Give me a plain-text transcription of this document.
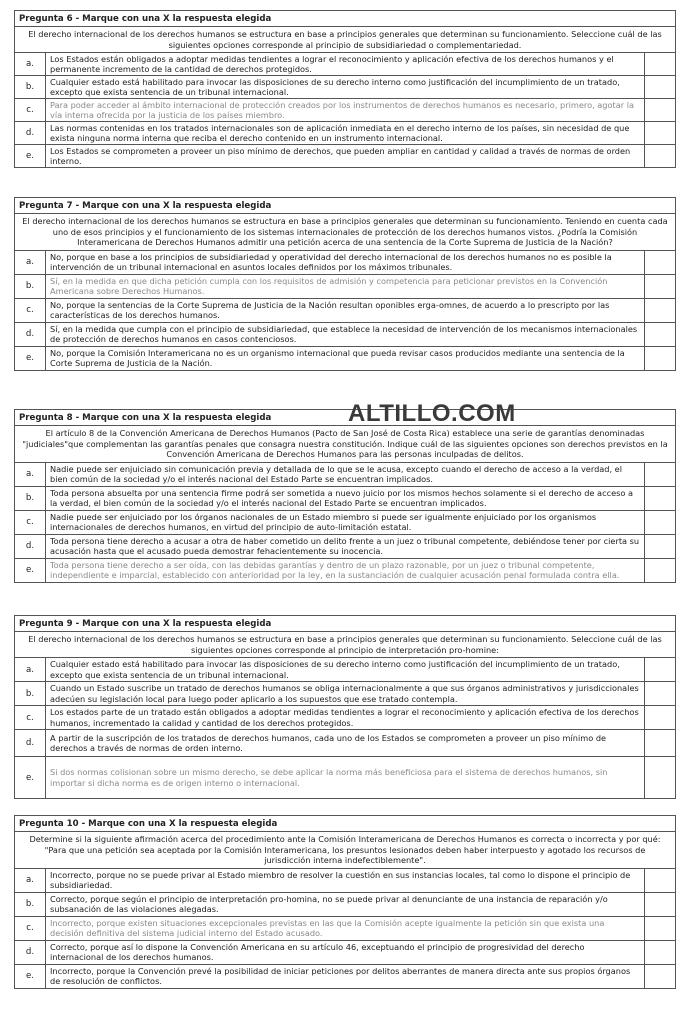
ALTILLO.COM
Pregunta 6 - Marque con una X la respuesta elegida
El derecho internacional de los derechos humanos se estructura en base a principios generales que determinan su funcionamiento. Seleccione cuál de las siguientes opciones corresponde al principio de subsidiariedad o complementariedad.
a.
Los Estados están obligados a adoptar medidas tendientes a lograr el reconocimiento y aplicación efectiva de los derechos humanos y el permanente incremento de la cantidad de derechos protegidos.
b.
Cualquier estado está habilitado para invocar las disposiciones de su derecho interno como justificación del incumplimiento de un tratado, excepto que exista sentencia de un tribunal internacional.
c.
Para poder acceder al ámbito internacional de protección creados por los instrumentos de derechos humanos es necesario, primero, agotar la vía interna ofrecida por la justicia de los países miembro.
d.
Las normas contenidas en los tratados internacionales son de aplicación inmediata en el derecho interno de los países, sin necesidad de que exista ninguna norma interna que reciba el derecho contenido en un instrumento internacional.
e.
Los Estados se comprometen a proveer un piso mínimo de derechos, que pueden ampliar en cantidad y calidad a través de normas de orden interno.
Pregunta 7 - Marque con una X la respuesta elegida
El derecho internacional de los derechos humanos se estructura en base a principios generales que determinan su funcionamiento. Teniendo en cuenta cada uno de esos principios y el funcionamiento de los sistemas internacionales de protección de los derechos humanos vistos. ¿Podría la Comisión Interamericana de Derechos Humanos admitir una petición acerca de una sentencia de la Corte Suprema de Justicia de la Nación?
a.
No, porque en base a los principios de subsidiariedad y operatividad del derecho internacional de los derechos humanos no es posible la intervención de un tribunal internacional en asuntos locales definidos por los máximos tribunales.
b.
Sí, en la medida en que dicha petición cumpla con los requisitos de admisión y competencia para peticionar previstos en la Convención Americana sobre Derechos Humanos.
c.
No, porque la sentencias de la Corte Suprema de Justicia de la Nación resultan oponibles erga-omnes, de acuerdo a lo prescripto por las características de los derechos humanos.
d.
Sí, en la medida que cumpla con el principio de subsidiariedad, que establece la necesidad de intervención de los mecanismos internacionales de protección de derechos humanos en casos contenciosos.
e.
No, porque la Comisión Interamericana no es un organismo internacional que pueda revisar casos producidos mediante una sentencia de la Corte Suprema de Justicia de la Nación.
Pregunta 8 - Marque con una X la respuesta elegida
El artículo 8 de la Convención Americana de Derechos Humanos (Pacto de San José de Costa Rica) establece una serie de garantías denominadas "judiciales"que complementan las garantías penales que consagra nuestra constitución. Indique cuál de las siguientes opciones son derechos previstos en la Convención Americana de Derechos Humanos para las personas inculpadas de delitos.
a.
Nadie puede ser enjuiciado sin comunicación previa y detallada de lo que se le acusa, excepto cuando el derecho de acceso a la verdad, el bien común de la sociedad y/o el interés nacional del Estado Parte se encuentran implicados.
b.
Toda persona absuelta por una sentencia firme podrá ser sometida a nuevo juicio por los mismos hechos solamente si el derecho de acceso a la verdad, el bien común de la sociedad y/o el interés nacional del Estado Parte se encuentran implicados.
c.
Nadie puede ser enjuiciado por los órganos nacionales de un Estado miembro si puede ser igualmente enjuiciado por los organismos internacionales de derechos humanos, en virtud del principio de auto-limitación estatal.
d.
Toda persona tiene derecho a acusar a otra de haber cometido un delito frente a un juez o tribunal competente, debiéndose tener por cierta su acusación hasta que el acusado pueda demostrar fehacientemente su inocencia.
e.
Toda persona tiene derecho a ser oída, con las debidas garantías y dentro de un plazo razonable, por un juez o tribunal competente, independiente e imparcial, establecido con anterioridad por la ley, en la sustanciación de cualquier acusación penal formulada contra ella.
Pregunta 9 - Marque con una X la respuesta elegida
El derecho internacional de los derechos humanos se estructura en base a principios generales que determinan su funcionamiento. Seleccione cuál de las siguientes opciones corresponde al principio de interpretación pro-homine:
a.
Cualquier estado está habilitado para invocar las disposiciones de su derecho interno como justificación del incumplimiento de un tratado, excepto que exista sentencia de un tribunal internacional.
b.
Cuando un Estado suscribe un tratado de derechos humanos se obliga internacionalmente a que sus órganos administrativos y jurisdiccionales adecúen su legislación local para luego poder aplicarlo a los supuestos que ese tratado contempla.
c.
Los estados parte de un tratado están obligados a adoptar medidas tendientes a lograr el reconocimiento y aplicación efectiva de los derechos humanos, incrementado la calidad y cantidad de los derechos protegidos.
d.
A partir de la suscripción de los tratados de derechos humanos, cada uno de los Estados se comprometen a proveer un piso mínimo de derechos a través de normas de orden interno.
e.
Si dos normas colisionan sobre un mismo derecho, se debe aplicar la norma más beneficiosa para el sistema de derechos humanos, sin importar si dicha norma es de origen interno o internacional.
Pregunta 10 - Marque con una X la respuesta elegida
Determine si la siguiente afirmación acerca del procedimiento ante la Comisión Interamericana de Derechos Humanos es correcta o incorrecta y por qué: "Para que una petición sea aceptada por la Comisión Interamericana, los presuntos lesionados deben haber interpuesto y agotado los recursos de jurisdicción interna indefectiblemente".
a.
Incorrecto, porque no se puede privar al Estado miembro de resolver la cuestión en sus instancias locales, tal como lo dispone el principio de subsidiariedad.
b.
Correcto, porque según el principio de interpretación pro-homina, no se puede privar al denunciante de una instancia de reparación y/o subsanación de las violaciones alegadas.
c.
Incorrecto, porque existen situaciones excepcionales previstas en las que la Comisión acepte igualmente la petición sin que exista una decisión definitiva del sistema judicial interno del Estado acusado.
d.
Correcto, porque así lo dispone la Convención Americana en su artículo 46, exceptuando el principio de progresividad del derecho internacional de los derechos humanos.
e.
Incorrecto, porque la Convención prevé la posibilidad de iniciar peticiones por delitos aberrantes de manera directa ante sus propios órganos de resolución de conflictos.
